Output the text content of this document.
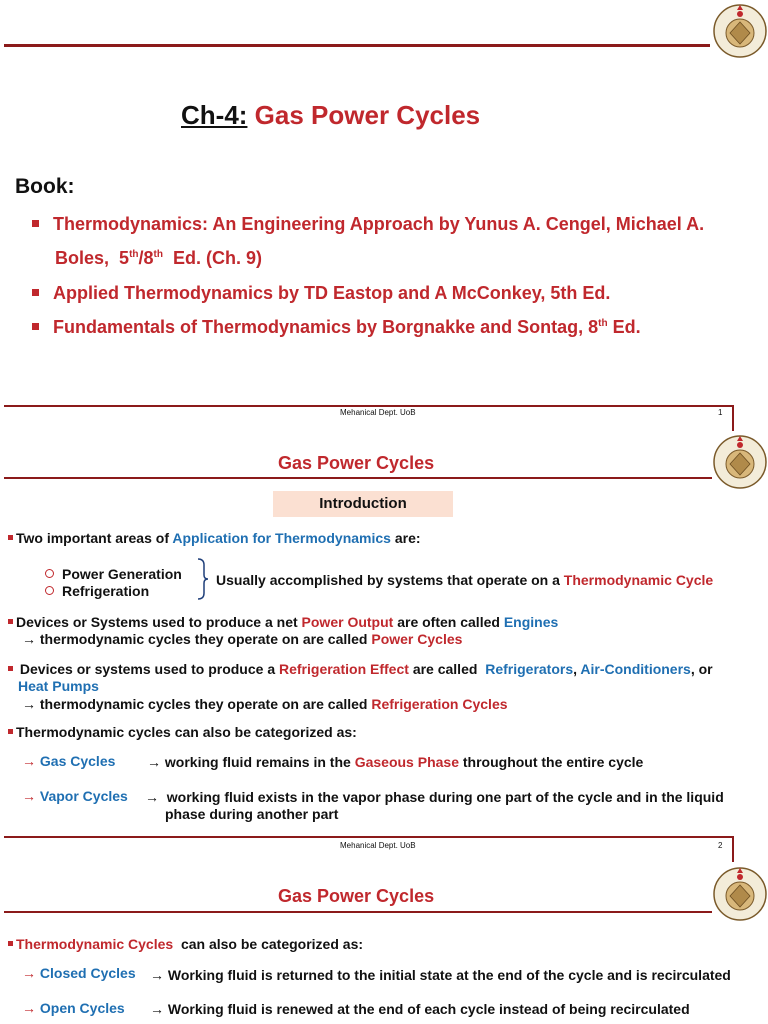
Ch-4: Gas Power Cycles
Book:
Thermodynamics: An Engineering Approach by Yunus A. Cengel, Michael A.
Boles, 5th/8th Ed. (Ch. 9)
Applied Thermodynamics by TD Eastop and A McConkey, 5th Ed.
Fundamentals of Thermodynamics by Borgnakke and Sontag, 8th Ed.
Mehanical Dept. UoB	1
Gas Power Cycles
Introduction
Two important areas of Application for Thermodynamics are:
Power Generation
Refrigeration
Usually accomplished by systems that operate on a Thermodynamic Cycle
Devices or Systems used to produce a net Power Output are often called Engines
→ thermodynamic cycles they operate on are called Power Cycles
Devices or systems used to produce a Refrigeration Effect are called Refrigerators, Air-Conditioners, or
Heat Pumps
→ thermodynamic cycles they operate on are called Refrigeration Cycles
Thermodynamic cycles can also be categorized as:
→ Gas Cycles → working fluid remains in the Gaseous Phase throughout the entire cycle
→ Vapor Cycles → working fluid exists in the vapor phase during one part of the cycle and in the liquid
phase during another part
Mehanical Dept. UoB	2
Gas Power Cycles
Thermodynamic Cycles can also be categorized as:
→ Closed Cycles → Working fluid is returned to the initial state at the end of the cycle and is recirculated
→ Open Cycles → Working fluid is renewed at the end of each cycle instead of being recirculated
